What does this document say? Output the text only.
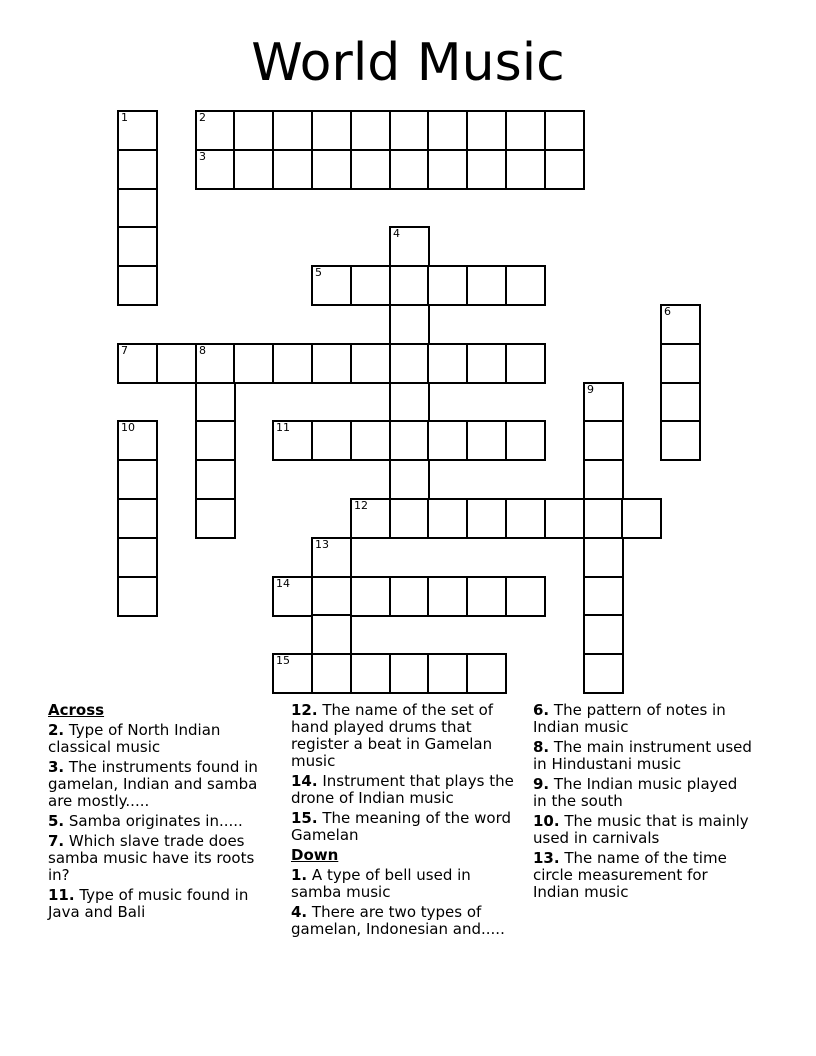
World Music
1	2
3
4
5
6
7	8
9
10	11
12
13
14
15
Across
2. Type of North Indian classical music
3. The instruments found in gamelan, Indian and samba are mostly.....
5. Samba originates in.....
7. Which slave trade does samba music have its roots in?
11. Type of music found in Java and Bali
12. The name of the set of hand played drums that register a beat in Gamelan music
14. Instrument that plays the drone of Indian music
15. The meaning of the word Gamelan
Down
1. A type of bell used in samba music
4. There are two types of gamelan, Indonesian and.....
6. The pattern of notes in Indian music
8. The main instrument used in Hindustani music
9. The Indian music played in the south
10. The music that is mainly used in carnivals
13. The name of the time circle measurement for Indian music
